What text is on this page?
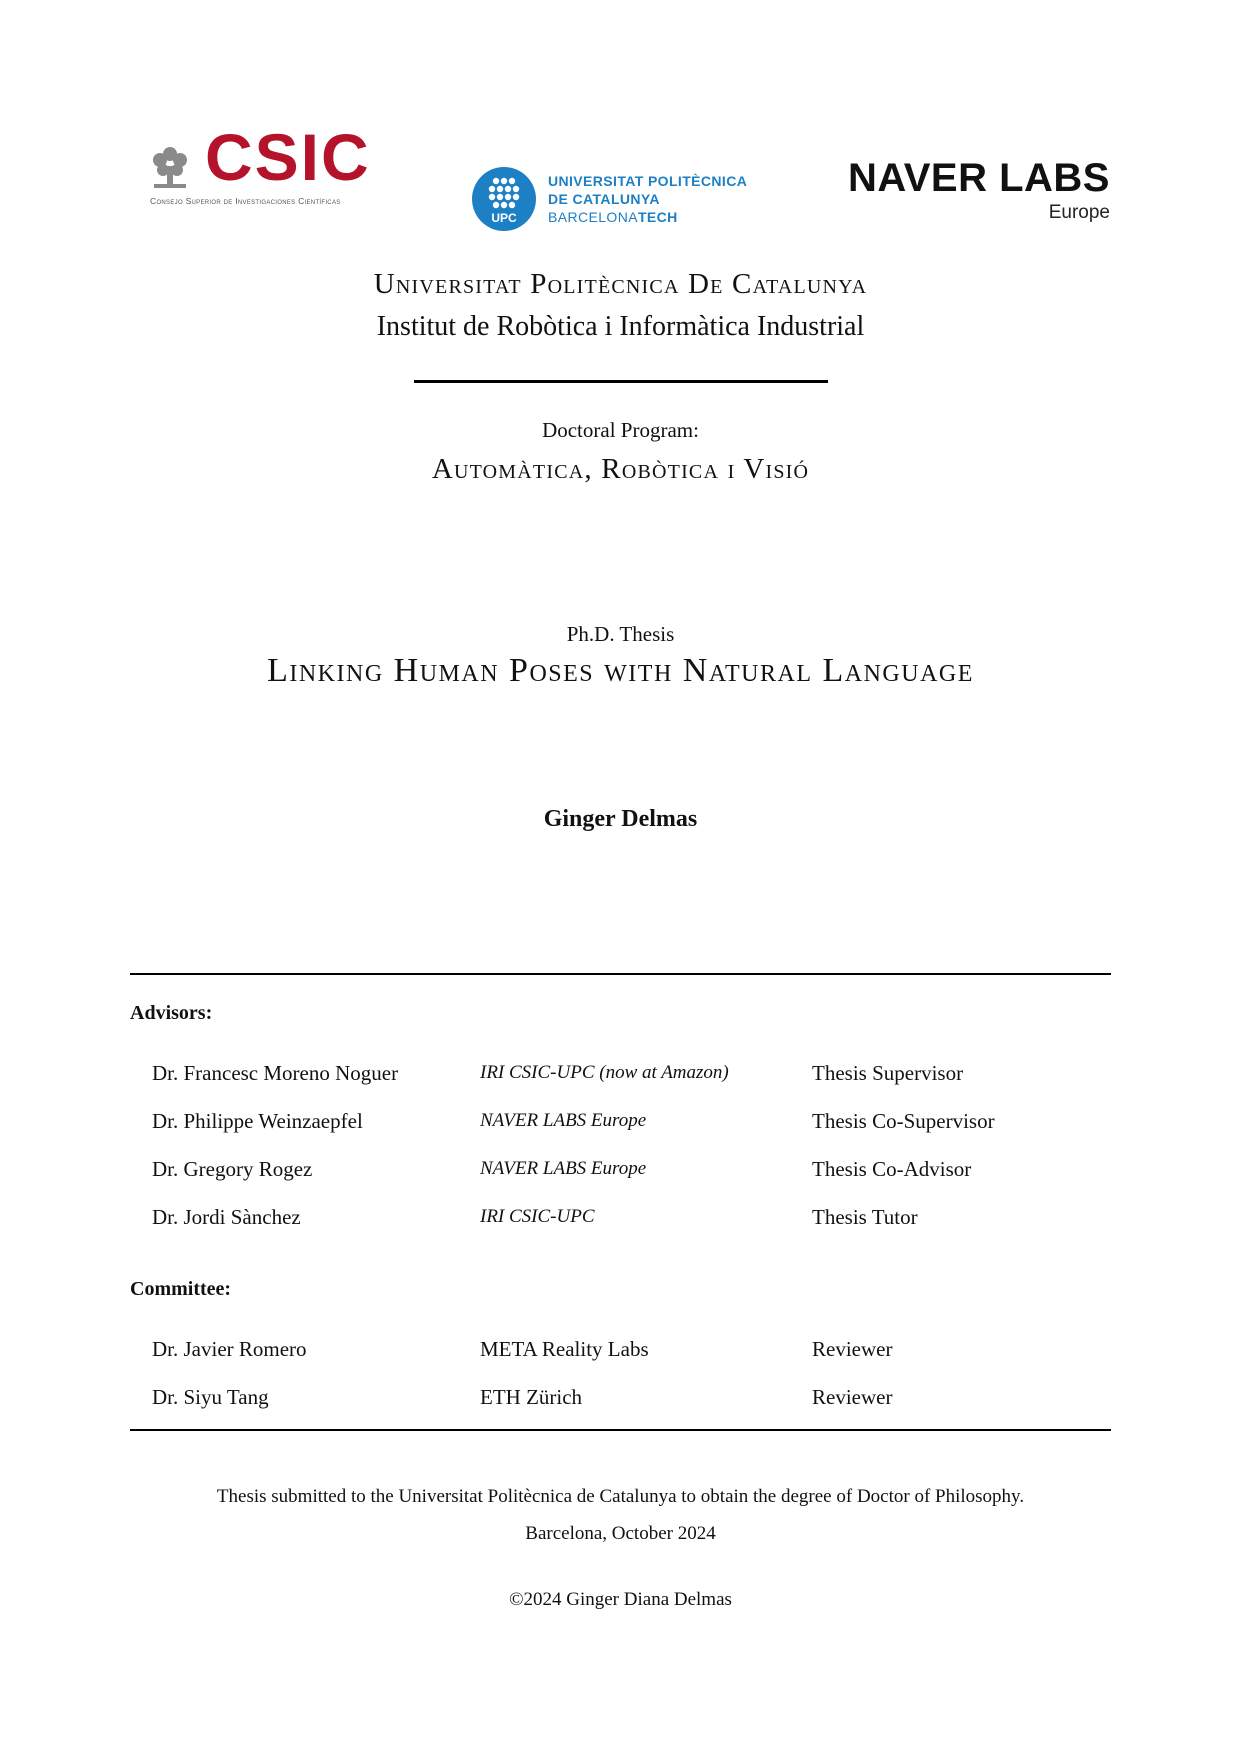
CSIC
Consejo Superior de Investigaciones Científicas
UPC
UNIVERSITAT POLITÈCNICA
DE CATALUNYA
BARCELONATECH
NAVER LABS
Europe
Universitat Politècnica De Catalunya
Institut de Robòtica i Informàtica Industrial
Doctoral Program:
Automàtica, Robòtica i Visió
Ph.D. Thesis
Linking Human Poses with Natural Language
Ginger Delmas
Advisors:
Dr. Francesc Moreno Noguer	IRI CSIC-UPC (now at Amazon)	Thesis Supervisor
Dr. Philippe Weinzaepfel	NAVER LABS Europe	Thesis Co-Supervisor
Dr. Gregory Rogez	NAVER LABS Europe	Thesis Co-Advisor
Dr. Jordi Sànchez	IRI CSIC-UPC	Thesis Tutor
Committee:
Dr. Javier Romero	META Reality Labs	Reviewer
Dr. Siyu Tang	ETH Zürich	Reviewer
Thesis submitted to the Universitat Politècnica de Catalunya to obtain the degree of Doctor of Philosophy.
Barcelona, October 2024
©2024 Ginger Diana Delmas
